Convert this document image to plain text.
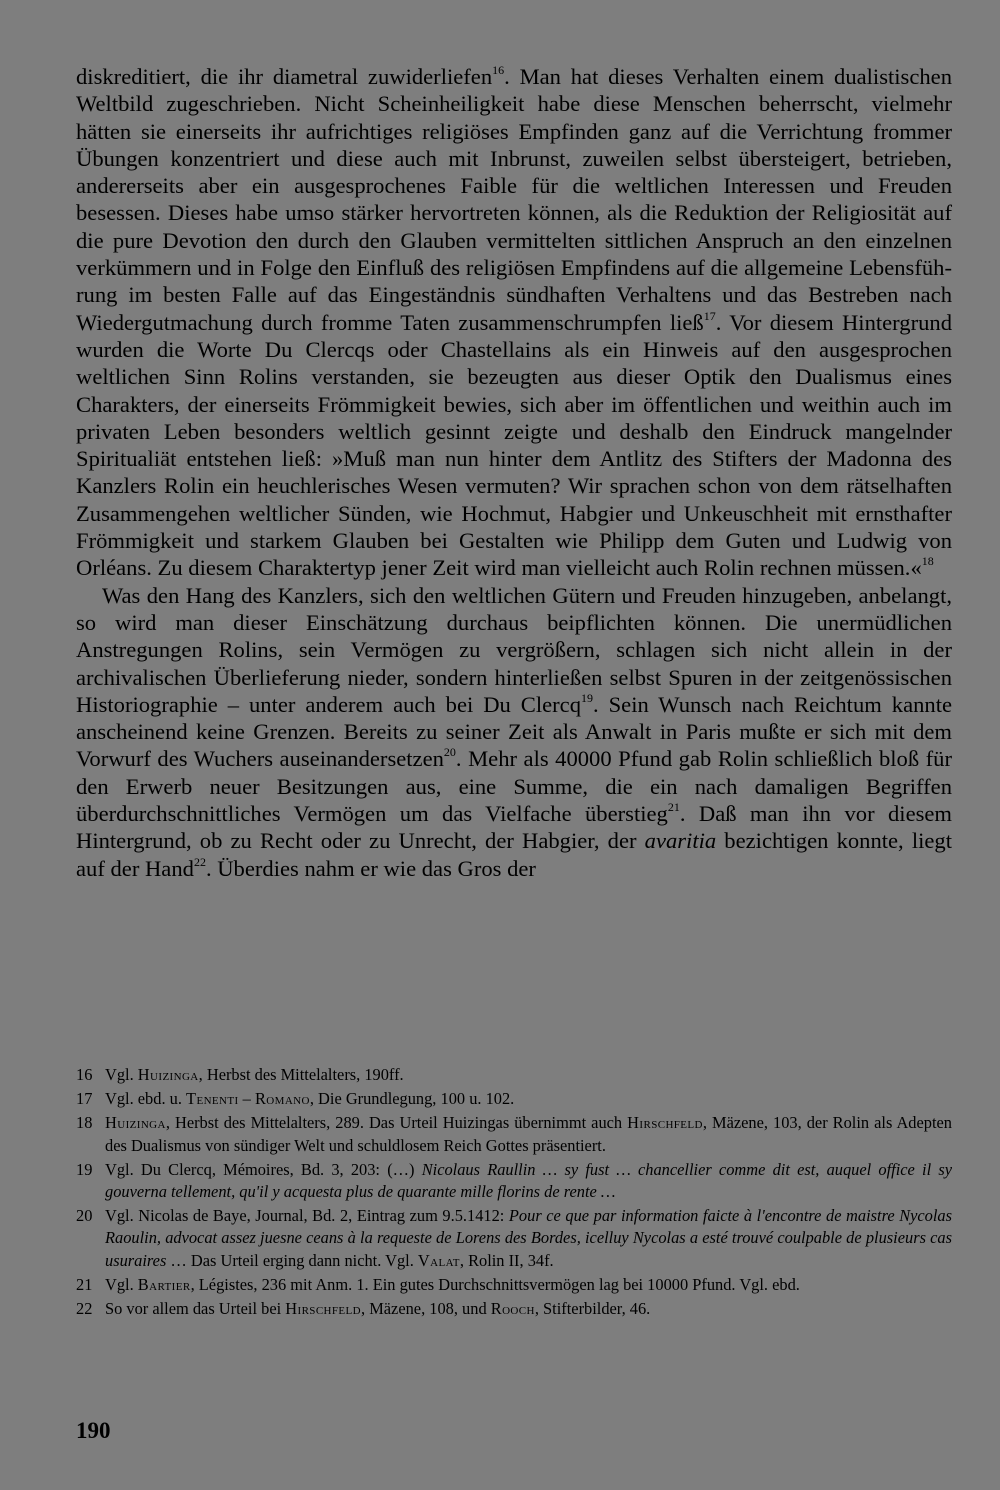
diskreditiert, die ihr diametral zuwiderliefen$^{16}$. Man hat dieses Verhalten einem dualistischen Weltbild zugeschrieben. Nicht Scheinheiligkeit habe diese Menschen beherrscht, vielmehr hätten sie einerseits ihr aufrichtiges religiöses Empfinden ganz auf die Verrichtung frommer Übungen konzentriert und diese auch mit Inbrunst, zuweilen selbst übersteigert, betrieben, andererseits aber ein ausgesprochenes Faible für die weltlichen Interessen und Freuden besessen. Dieses habe umso stärker hervortreten können, als die Reduktion der Religiosität auf die pure Devotion den durch den Glauben vermittelten sittlichen Anspruch an den einzelnen verkümmern und in Folge den Einfluß des religiösen Empfindens auf die allgemeine Lebensführung im besten Falle auf das Eingeständnis sündhaften Verhaltens und das Bestreben nach Wiedergutmachung durch fromme Taten zusammenschrumpfen ließ$^{17}$. Vor diesem Hintergrund wurden die Worte Du Clercqs oder Chastellains als ein Hinweis auf den ausgesprochen weltlichen Sinn Rolins verstanden, sie bezeugten aus dieser Optik den Dualismus eines Charakters, der einerseits Frömmigkeit bewies, sich aber im öffentlichen und weithin auch im privaten Leben besonders weltlich gesinnt zeigte und deshalb den Eindruck mangelnder Spiritualiät entstehen ließ: »Muß man nun hinter dem Antlitz des Stifters der Madonna des Kanzlers Rolin ein heuchlerisches Wesen vermuten? Wir sprachen schon von dem rätselhaften Zusammengehen weltlicher Sünden, wie Hochmut, Habgier und Unkeuschheit mit ernsthafter Frömmigkeit und starkem Glauben bei Gestalten wie Philipp dem Guten und Ludwig von Orléans. Zu diesem Charaktertyp jener Zeit wird man vielleicht auch Rolin rechnen müssen.«$^{18}$

Was den Hang des Kanzlers, sich den weltlichen Gütern und Freuden hinzugeben, anbelangt, so wird man dieser Einschätzung durchaus beipflichten können. Die unermüdlichen Anstregungen Rolins, sein Vermögen zu vergrößern, schlagen sich nicht allein in der archivalischen Überlieferung nieder, sondern hinterließen selbst Spuren in der zeitgenössischen Historiographie – unter anderem auch bei Du Clercq$^{19}$. Sein Wunsch nach Reichtum kannte anscheinend keine Grenzen. Bereits zu seiner Zeit als Anwalt in Paris mußte er sich mit dem Vorwurf des Wuchers auseinandersetzen$^{20}$. Mehr als 40000 Pfund gab Rolin schließlich bloß für den Erwerb neuer Besitzungen aus, eine Summe, die ein nach damaligen Begriffen überdurchschnittliches Vermögen um das Vielfache überstieg$^{21}$. Daß man ihn vor diesem Hintergrund, ob zu Recht oder zu Unrecht, der Habgier, der avaritia bezichtigen konnte, liegt auf der Hand$^{22}$. Überdies nahm er wie das Gros der

16 Vgl. Huizinga, Herbst des Mittelalters, 190ff.
17 Vgl. ebd. u. Tenenti – Romano, Die Grundlegung, 100 u. 102.
18 Huizinga, Herbst des Mittelalters, 289. Das Urteil Huizingas übernimmt auch Hirschfeld, Mäzene, 103, der Rolin als Adepten des Dualismus von sündiger Welt und schuldlosem Reich Gottes präsentiert.
19 Vgl. Du Clercq, Mémoires, Bd. 3, 203: (…) Nicolaus Raullin … sy fust … chancellier comme dit est, auquel office il sy gouverna tellement, qu'il y acquesta plus de quarante mille florins de rente …
20 Vgl. Nicolas de Baye, Journal, Bd. 2, Eintrag zum 9.5.1412: Pour ce que par information faicte à l'encontre de maistre Nycolas Raoulin, advocat assez juesne ceans à la requeste de Lorens des Bordes, icelluy Nycolas a esté trouvé coulpable de plusieurs cas usuraires … Das Urteil erging dann nicht. Vgl. Valat, Rolin II, 34f.
21 Vgl. Bartier, Légistes, 236 mit Anm. 1. Ein gutes Durchschnittsvermögen lag bei 10000 Pfund. Vgl. ebd.
22 So vor allem das Urteil bei Hirschfeld, Mäzene, 108, und Rooch, Stifterbilder, 46.
190
